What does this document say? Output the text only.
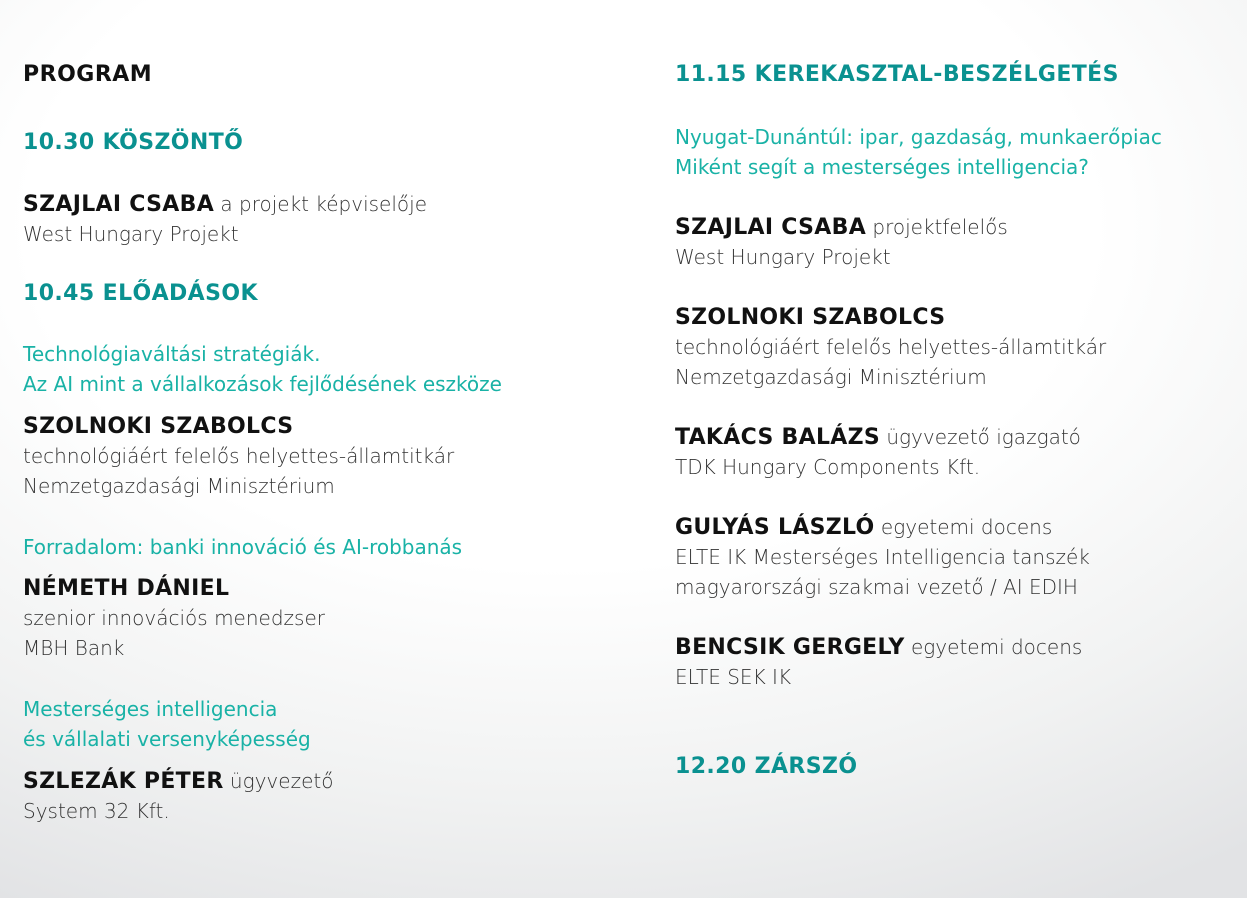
PROGRAM
10.30 KÖSZÖNTŐ
SZAJLAI CSABA a projekt képviselője
West Hungary Projekt
10.45 ELŐADÁSOK
Technológiaváltási stratégiák.
Az AI mint a vállalkozások fejlődésének eszköze
SZOLNOKI SZABOLCS
technológiáért felelős helyettes-államtitkár
Nemzetgazdasági Minisztérium
Forradalom: banki innováció és AI-robbanás
NÉMETH DÁNIEL
szenior innovációs menedzser
MBH Bank
Mesterséges intelligencia
és vállalati versenyképesség
SZLEZÁK PÉTER ügyvezető
System 32 Kft.
11.15 KEREKASZTAL-BESZÉLGETÉS
Nyugat-Dunántúl: ipar, gazdaság, munkaerőpiac
Miként segít a mesterséges intelligencia?
SZAJLAI CSABA projektfelelős
West Hungary Projekt
SZOLNOKI SZABOLCS
technológiáért felelős helyettes-államtitkár
Nemzetgazdasági Minisztérium
TAKÁCS BALÁZS ügyvezető igazgató
TDK Hungary Components Kft.
GULYÁS LÁSZLÓ egyetemi docens
ELTE IK Mesterséges Intelligencia tanszék
magyarországi szakmai vezető / AI EDIH
BENCSIK GERGELY egyetemi docens
ELTE SEK IK
12.20 ZÁRSZÓ
